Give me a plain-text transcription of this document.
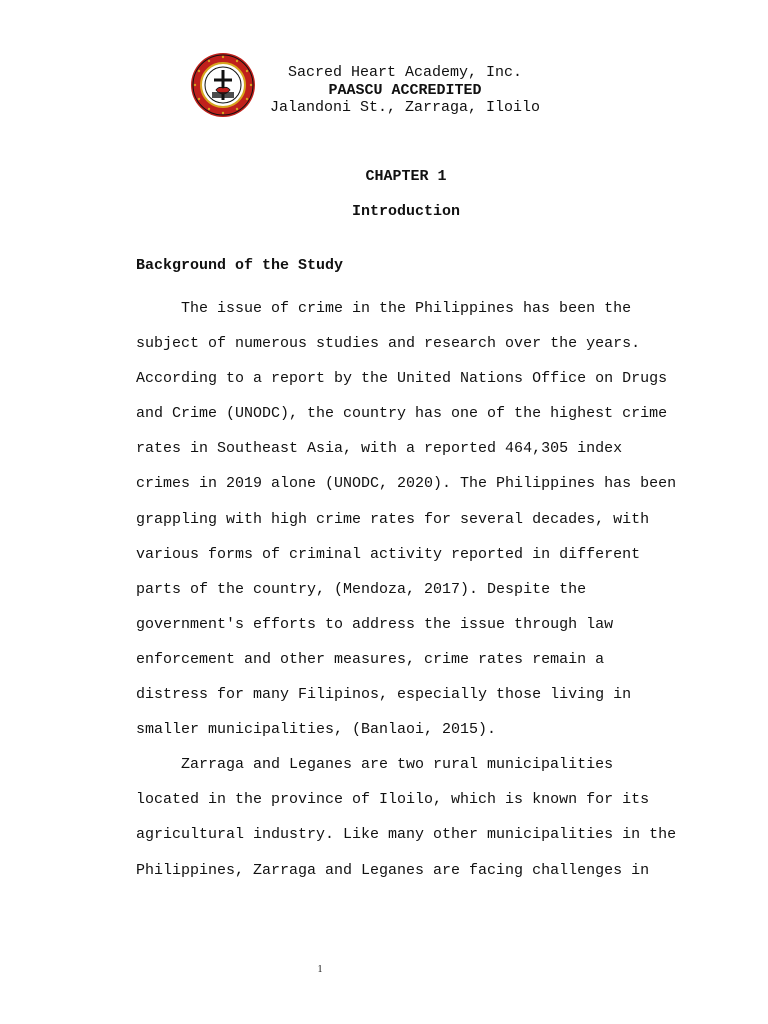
Sacred Heart Academy, Inc.
PAASCU ACCREDITED
Jalandoni St., Zarraga, Iloilo
CHAPTER 1
Introduction
Background of the Study

The issue of crime in the Philippines has been the
subject of numerous studies and research over the years.
According to a report by the United Nations Office on Drugs
and Crime (UNODC), the country has one of the highest crime
rates in Southeast Asia, with a reported 464,305 index
crimes in 2019 alone (UNODC, 2020). The Philippines has been
grappling with high crime rates for several decades, with
various forms of criminal activity reported in different
parts of the country, (Mendoza, 2017). Despite the
government's efforts to address the issue through law
enforcement and other measures, crime rates remain a
distress for many Filipinos, especially those living in
smaller municipalities, (Banlaoi, 2015).

Zarraga and Leganes are two rural municipalities
located in the province of Iloilo, which is known for its
agricultural industry. Like many other municipalities in the
Philippines, Zarraga and Leganes are facing challenges in

1
